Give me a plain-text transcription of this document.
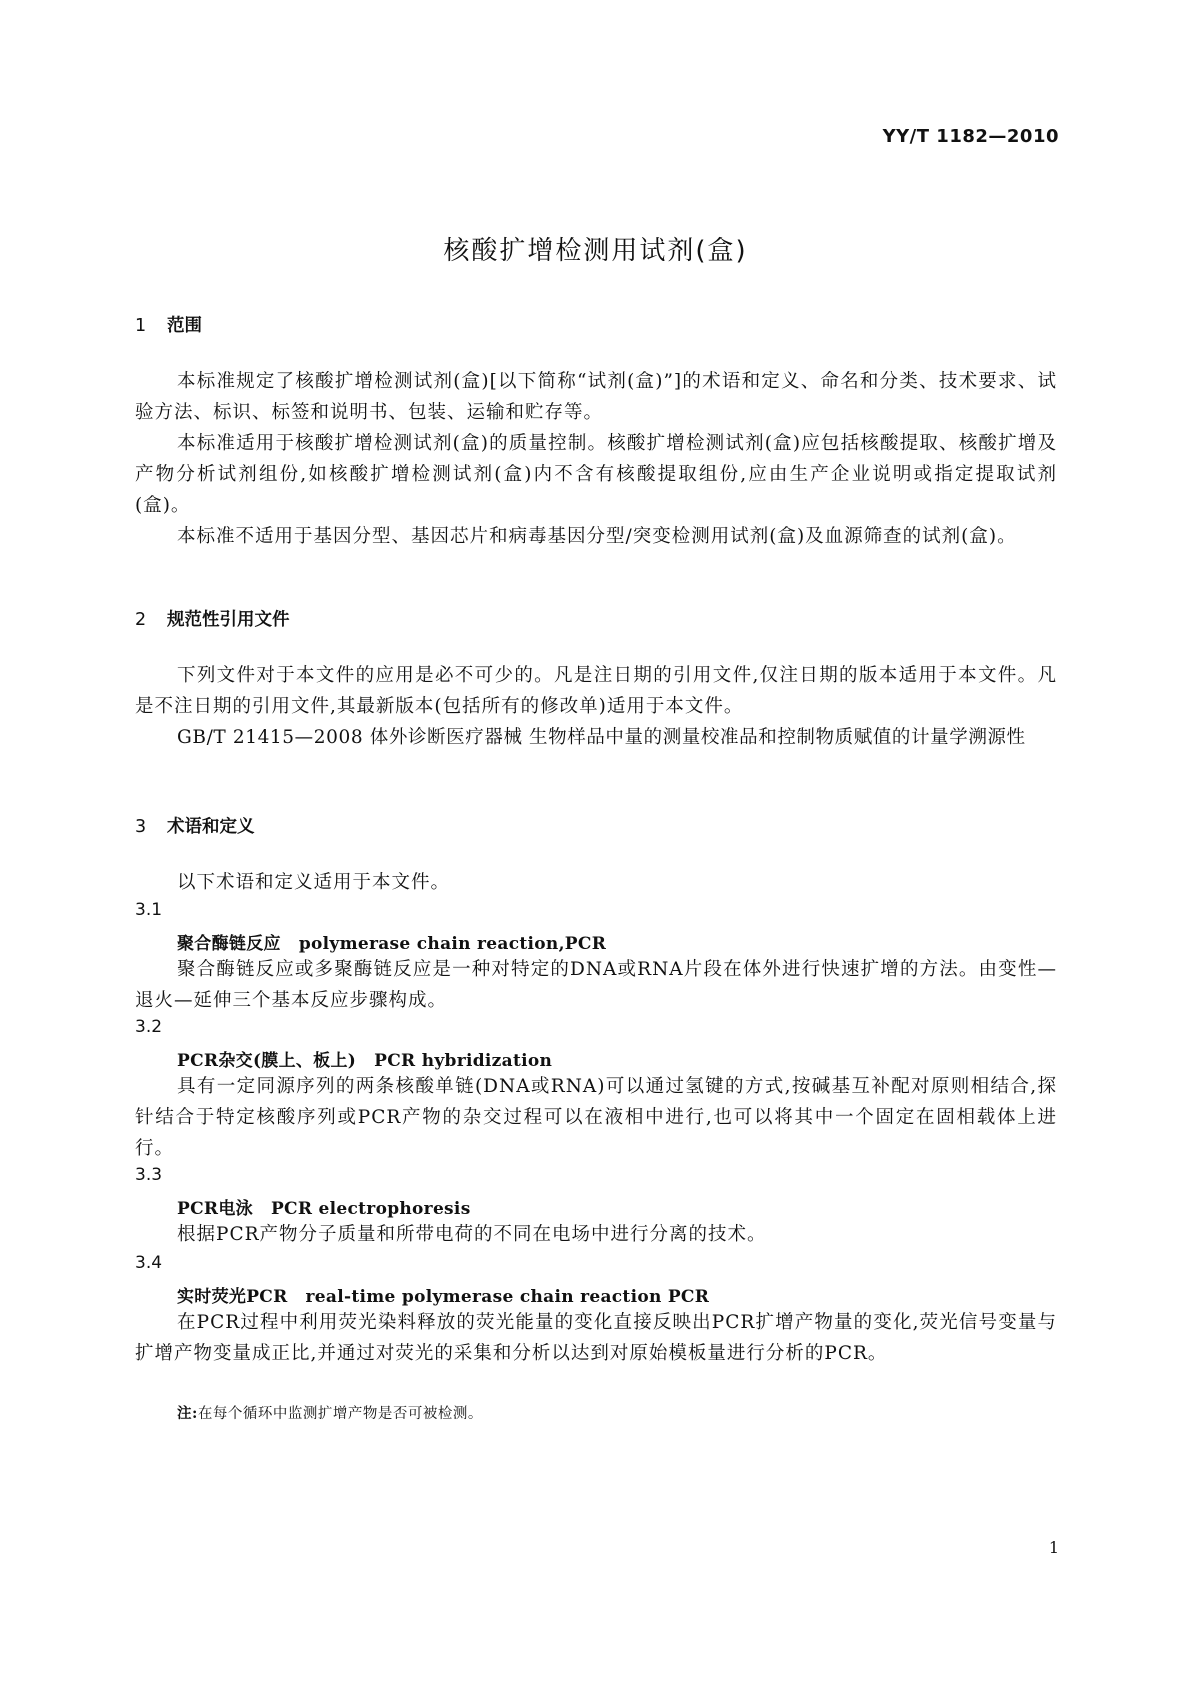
YY/T 1182—2010
核酸扩增检测用试剂(盒)
1 范围

本标准规定了核酸扩增检测试剂(盒)[以下简称“试剂(盒)”]的术语和定义、命名和分类、技术要求、试验方法、标识、标签和说明书、包装、运输和贮存等。

本标准适用于核酸扩增检测试剂(盒)的质量控制。核酸扩增检测试剂(盒)应包括核酸提取、核酸扩增及产物分析试剂组份,如核酸扩增检测试剂(盒)内不含有核酸提取组份,应由生产企业说明或指定提取试剂(盒)。

本标准不适用于基因分型、基因芯片和病毒基因分型/突变检测用试剂(盒)及血源筛查的试剂(盒)。

2 规范性引用文件

下列文件对于本文件的应用是必不可少的。凡是注日期的引用文件,仅注日期的版本适用于本文件。凡是不注日期的引用文件,其最新版本(包括所有的修改单)适用于本文件。

GB/T 21415—2008 体外诊断医疗器械 生物样品中量的测量校准品和控制物质赋值的计量学溯源性

3 术语和定义

以下术语和定义适用于本文件。

3.1
聚合酶链反应 polymerase chain reaction,PCR

聚合酶链反应或多聚酶链反应是一种对特定的DNA或RNA片段在体外进行快速扩增的方法。由变性—退火—延伸三个基本反应步骤构成。

3.2
PCR杂交(膜上、板上) PCR hybridization

具有一定同源序列的两条核酸单链(DNA或RNA)可以通过氢键的方式,按碱基互补配对原则相结合,探针结合于特定核酸序列或PCR产物的杂交过程可以在液相中进行,也可以将其中一个固定在固相载体上进行。

3.3
PCR电泳 PCR electrophoresis

根据PCR产物分子质量和所带电荷的不同在电场中进行分离的技术。

3.4
实时荧光PCR real-time polymerase chain reaction PCR

在PCR过程中利用荧光染料释放的荧光能量的变化直接反映出PCR扩增产物量的变化,荧光信号变量与扩增产物变量成正比,并通过对荧光的采集和分析以达到对原始模板量进行分析的PCR。

注:在每个循环中监测扩增产物是否可被检测。

1
